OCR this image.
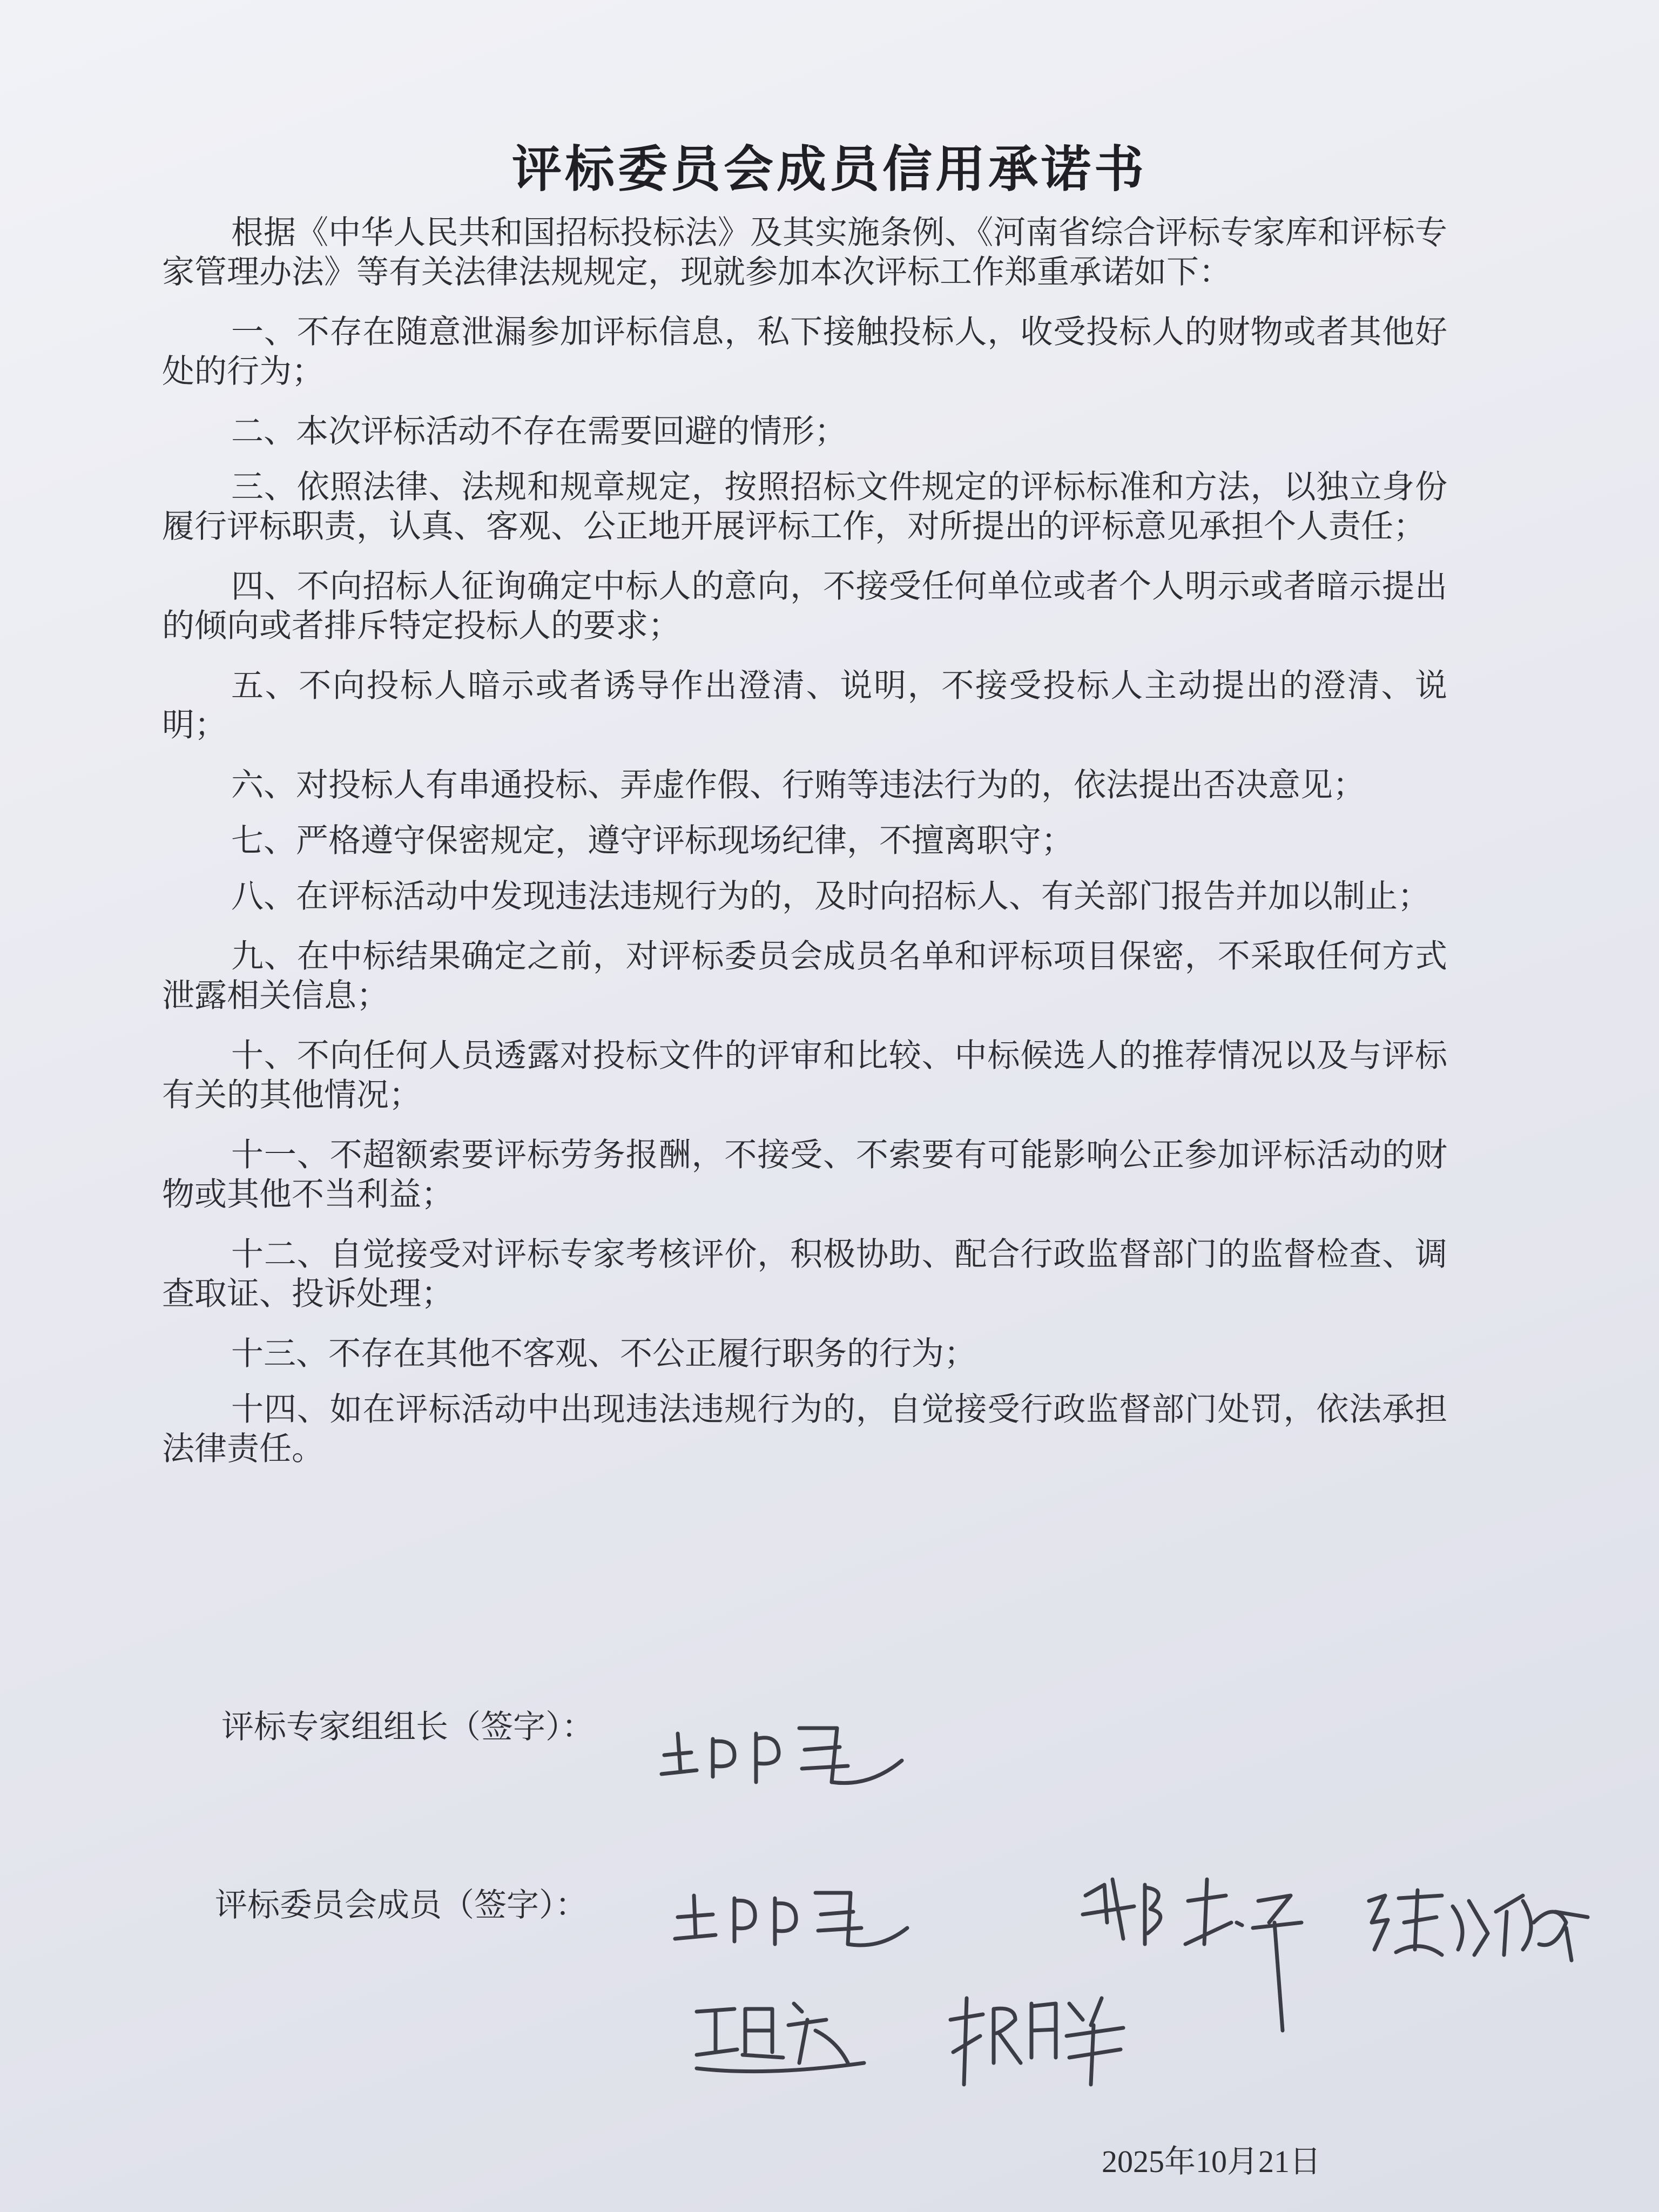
评标委员会成员信用承诺书

根据《中华人民共和国招标投标法》及其实施条例、《河南省综合评标专家库和评标专家管理办法》等有关法律法规规定，现就参加本次评标工作郑重承诺如下：

一、不存在随意泄漏参加评标信息，私下接触投标人，收受投标人的财物或者其他好处的行为；

二、本次评标活动不存在需要回避的情形；

三、依照法律、法规和规章规定，按照招标文件规定的评标标准和方法，以独立身份履行评标职责，认真、客观、公正地开展评标工作，对所提出的评标意见承担个人责任；

四、不向招标人征询确定中标人的意向，不接受任何单位或者个人明示或者暗示提出的倾向或者排斥特定投标人的要求；

五、不向投标人暗示或者诱导作出澄清、说明，不接受投标人主动提出的澄清、说明；

六、对投标人有串通投标、弄虚作假、行贿等违法行为的，依法提出否决意见；

七、严格遵守保密规定，遵守评标现场纪律，不擅离职守；

八、在评标活动中发现违法违规行为的，及时向招标人、有关部门报告并加以制止；

九、在中标结果确定之前，对评标委员会成员名单和评标项目保密，不采取任何方式泄露相关信息；

十、不向任何人员透露对投标文件的评审和比较、中标候选人的推荐情况以及与评标有关的其他情况；

十一、不超额索要评标劳务报酬，不接受、不索要有可能影响公正参加评标活动的财物或其他不当利益；

十二、自觉接受对评标专家考核评价，积极协助、配合行政监督部门的监督检查、调查取证、投诉处理；

十三、不存在其他不客观、不公正履行职务的行为；

十四、如在评标活动中出现违法违规行为的，自觉接受行政监督部门处罚，依法承担法律责任。

评标专家组组长（签字）：
评标委员会成员（签字）：
2025年10月21日
